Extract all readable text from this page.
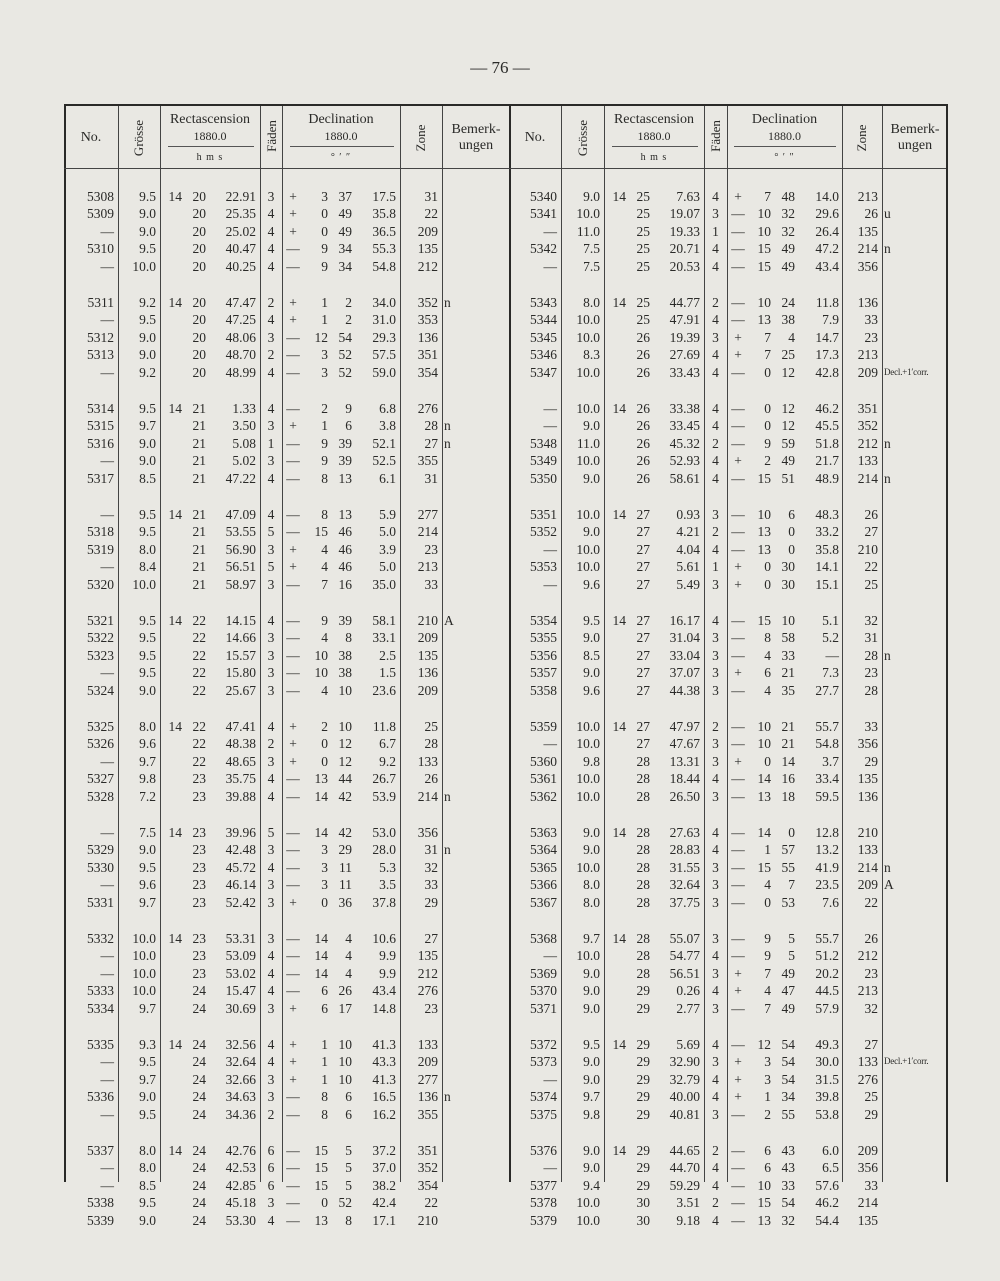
— 76 —
No.	Grösse
Rectascension
1880.0
h m s
Fäden
Declination
1880.0
° ′ ″
Zone	Bemerk-ungen
No.	Grösse
Rectascension
1880.0
h m s
Fäden
Declination
1880.0
° ′ ″
Zone	Bemerk-ungen
5308	9.5 14 20	22.91 3	+	3 37	17.5	31
5309	9.0	20	25.35 4	+	0 49	35.8	22
—	9.0	20	25.02 4	+	0 49	36.5	209
5310	9.5	20	40.47 4 —	9 34	55.3	135
—	10.0	20	40.25 4 —	9 34	54.8	212
5311	9.2 14 20	47.47 2	+	1	2	34.0	352 n
—	9.5	20	47.25 4	+	1	2	31.0	353
5312	9.0	20	48.06 3 —	12 54	29.3	136
5313	9.0	20	48.70 2 —	3 52	57.5	351
—	9.2	20	48.99 4 —	3 52	59.0	354
5314	9.5 14 21	1.33 4 —	2	9	6.8	276
5315	9.7	21	3.50 3	+	1	6	3.8	28 n
5316	9.0	21	5.08 1 —	9 39	52.1	27 n
—	9.0	21	5.02 3 —	9 39	52.5	355
5317	8.5	21	47.22 4 —	8 13	6.1	31
—	9.5 14 21	47.09 4 —	8 13	5.9	277
5318	9.5	21	53.55 5 —	15 46	5.0	214
5319	8.0	21	56.90 3	+	4 46	3.9	23
—	8.4	21	56.51 5	+	4 46	5.0	213
5320	10.0	21	58.97 3 —	7 16	35.0	33
5321	9.5 14 22	14.15 4 —	9 39	58.1	210 A
5322	9.5	22	14.66 3 —	4	8	33.1	209
5323	9.5	22	15.57 3 —	10 38	2.5	135
—	9.5	22	15.80 3 —	10 38	1.5	136
5324	9.0	22	25.67 3 —	4 10	23.6	209
5325	8.0 14 22	47.41 4	+	2 10	11.8	25
5326	9.6	22	48.38 2	+	0 12	6.7	28
—	9.7	22	48.65 3	+	0 12	9.2	133
5327	9.8	23	35.75 4 —	13 44	26.7	26
5328	7.2	23	39.88 4 —	14 42	53.9	214 n
—	7.5 14 23	39.96 5 —	14 42	53.0	356
5329	9.0	23	42.48 3 —	3 29	28.0	31 n
5330	9.5	23	45.72 4 —	3 11	5.3	32
—	9.6	23	46.14 3 —	3 11	3.5	33
5331	9.7	23	52.42 3	+	0 36	37.8	29
5332	10.0 14 23	53.31 3 —	14	4	10.6	27
—	10.0	23	53.09 4 —	14	4	9.9	135
—	10.0	23	53.02 4 —	14	4	9.9	212
5333	10.0	24	15.47 4 —	6 26	43.4	276
5334	9.7	24	30.69 3	+	6 17	14.8	23
5335	9.3 14 24	32.56 4	+	1 10	41.3	133
—	9.5	24	32.64 4	+	1 10	43.3	209
—	9.7	24	32.66 3	+	1 10	41.3	277
5336	9.0	24	34.63 3 —	8	6	16.5	136 n
—	9.5	24	34.36 2 —	8	6	16.2	355
5337	8.0 14 24	42.76 6 —	15	5	37.2	351
—	8.0	24	42.53 6 —	15	5	37.0	352
—	8.5	24	42.85 6 —	15	5	38.2	354
5338	9.5	24	45.18 3 —	0 52	42.4	22
5339	9.0	24	53.30 4 —	13	8	17.1	210
5340	9.0 14 25	7.63 4	+	7 48	14.0	213
5341	10.0	25	19.07 3 — 10 32	29.6	26 u
—	11.0	25	19.33 1 — 10 32	26.4	135
5342	7.5	25	20.71 4 — 15 49	47.2	214 n
—	7.5	25	20.53 4 — 15 49	43.4	356
5343	8.0 14 25	44.77 2 — 10 24	11.8	136
5344	10.0	25	47.91 4 — 13 38	7.9	33
5345	10.0	26	19.39 3	+	7	4	14.7	23
5346	8.3	26	27.69 4	+	7 25	17.3	213
5347	10.0	26	33.43 4 —	0 12	42.8	209 Decl.+1′corr.
—	10.0 14 26	33.38 4 —	0 12	46.2	351
—	9.0	26	33.45 4 —	0 12	45.5	352
5348	11.0	26	45.32 2 —	9 59	51.8	212 n
5349	10.0	26	52.93 4	+	2 49	21.7	133
5350	9.0	26	58.61 4 — 15 51	48.9	214 n
5351	10.0 14 27	0.93 3 — 10	6	48.3	26
5352	9.0	27	4.21 2 — 13	0	33.2	27
—	10.0	27	4.04 4 — 13	0	35.8	210
5353	10.0	27	5.61 1	+	0 30	14.1	22
—	9.6	27	5.49 3	+	0 30	15.1	25
5354	9.5 14 27	16.17 4 — 15 10	5.1	32
5355	9.0	27	31.04 3 —	8 58	5.2	31
5356	8.5	27	33.04 3 —	4 33	—	28 n
5357	9.0	27	37.07 3	+	6 21	7.3	23
5358	9.6	27	44.38 3 —	4 35	27.7	28
5359	10.0 14 27	47.97 2 — 10 21	55.7	33
—	10.0	27	47.67 3 — 10 21	54.8	356
5360	9.8	28	13.31 3	+	0 14	3.7	29
5361	10.0	28	18.44 4 — 14 16	33.4	135
5362	10.0	28	26.50 3 — 13 18	59.5	136
5363	9.0 14 28	27.63 4 — 14	0	12.8	210
5364	9.0	28	28.83 4 —	1 57	13.2	133
5365	10.0	28	31.55 3 — 15 55	41.9	214 n
5366	8.0	28	32.64 3 —	4	7	23.5	209 A
5367	8.0	28	37.75 3 —	0 53	7.6	22
5368	9.7 14 28	55.07 3 —	9	5	55.7	26
—	10.0	28	54.77 4 —	9	5	51.2	212
5369	9.0	28	56.51 3	+	7 49	20.2	23
5370	9.0	29	0.26 4	+	4 47	44.5	213
5371	9.0	29	2.77 3 —	7 49	57.9	32
5372	9.5 14 29	5.69 4 — 12 54	49.3	27
5373	9.0	29	32.90 3	+	3 54	30.0	133 Decl.+1′corr.
—	9.0	29	32.79 4	+	3 54	31.5	276
5374	9.7	29	40.00 4	+	1 34	39.8	25
5375	9.8	29	40.81 3 —	2 55	53.8	29
5376	9.0 14 29	44.65 2 —	6 43	6.0	209
—	9.0	29	44.70 4 —	6 43	6.5	356
5377	9.4	29	59.29 4 — 10 33	57.6	33
5378	10.0	30	3.51 2 — 15 54	46.2	214
5379	10.0	30	9.18 4 — 13 32	54.4	135
